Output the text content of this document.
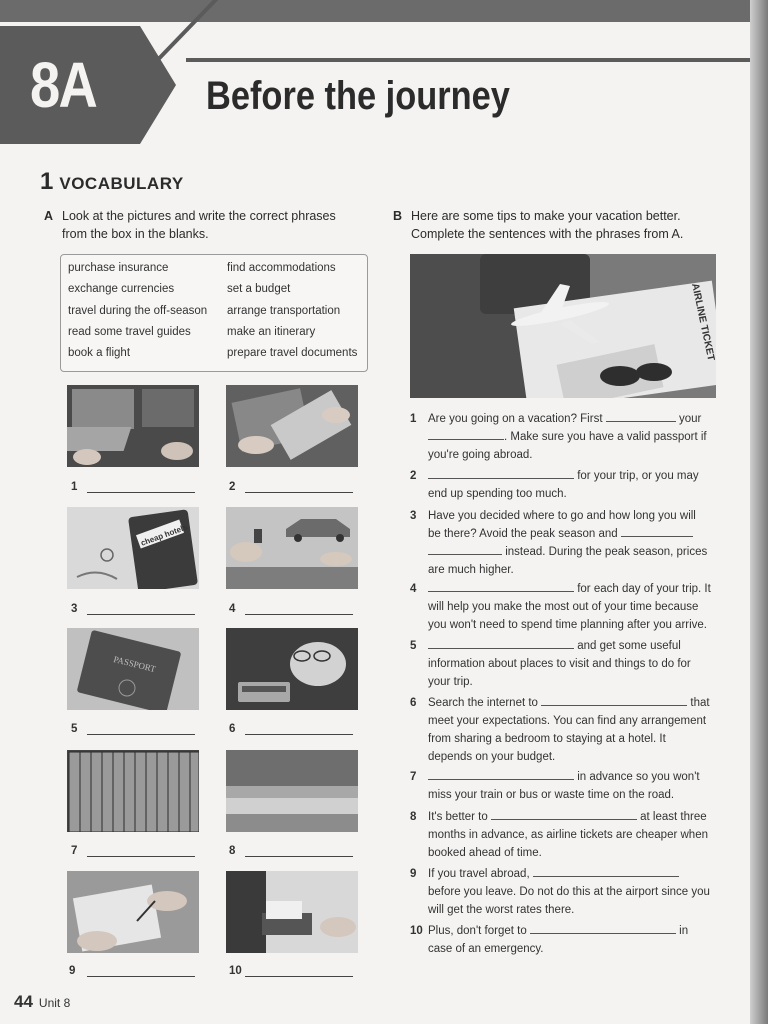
8A	Before the journey
1 VOCABULARY
A Look at the pictures and write the correct phrases
from the box in the blanks.
B Here are some tips to make your vacation better.
Complete the sentences with the phrases from A.
purchase insurance
exchange currencies
travel during the off-season
read some travel guides
book a flight
find accommodations
set a budget
arrange transportation
make an itinerary
prepare travel documents
1	2
cheap hotels
3	4
PASSPORT
5	6
7	8
9	10
AIRLINE TICKET
1 Are you going on a vacation? First	your
. Make sure you have a valid passport if
you're going abroad.
2	for your trip, or you may
end up spending too much.
3 Have you decided where to go and how long you will
be there? Avoid the peak season and
instead. During the peak season, prices
are much higher.
4	for each day of your trip. It
will help you make the most out of your time because
you won't need to spend time planning after you arrive.
5	and get some useful
information about places to visit and things to do for
your trip.
6 Search the internet to	that
meet your expectations. You can find any arrangement
from sharing a bedroom to staying at a hotel. It
depends on your budget.
7	in advance so you won't
miss your train or bus or waste time on the road.
8 It's better to	at least three
months in advance, as airline tickets are cheaper when
booked ahead of time.
9 If you travel abroad,
before you leave. Do not do this at the airport since you
will get the worst rates there.
10 Plus, don't forget to	in
case of an emergency.
44 Unit 8
